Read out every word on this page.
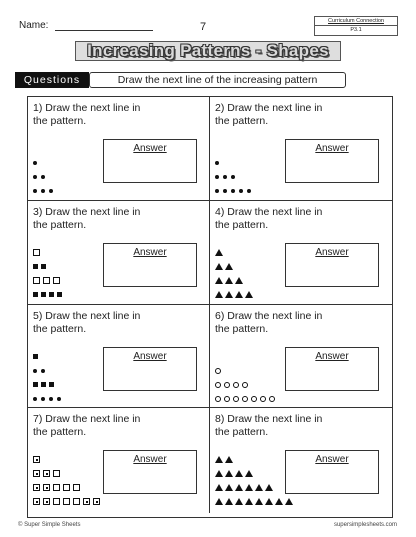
Name:	7	Curriculum Connection
P3.1
Increasing Patterns - Shapes
Questions	Draw the next line of the increasing pattern
1) Draw the next line in the pattern.
Answer
2) Draw the next line in the pattern.
Answer
3) Draw the next line in the pattern.
Answer
4) Draw the next line in the pattern.
Answer
5) Draw the next line in the pattern.
Answer
6) Draw the next line in the pattern.
Answer
7) Draw the next line in the pattern.
Answer
8) Draw the next line in the pattern.
Answer
© Super Simple Sheets	supersimplesheets.com
